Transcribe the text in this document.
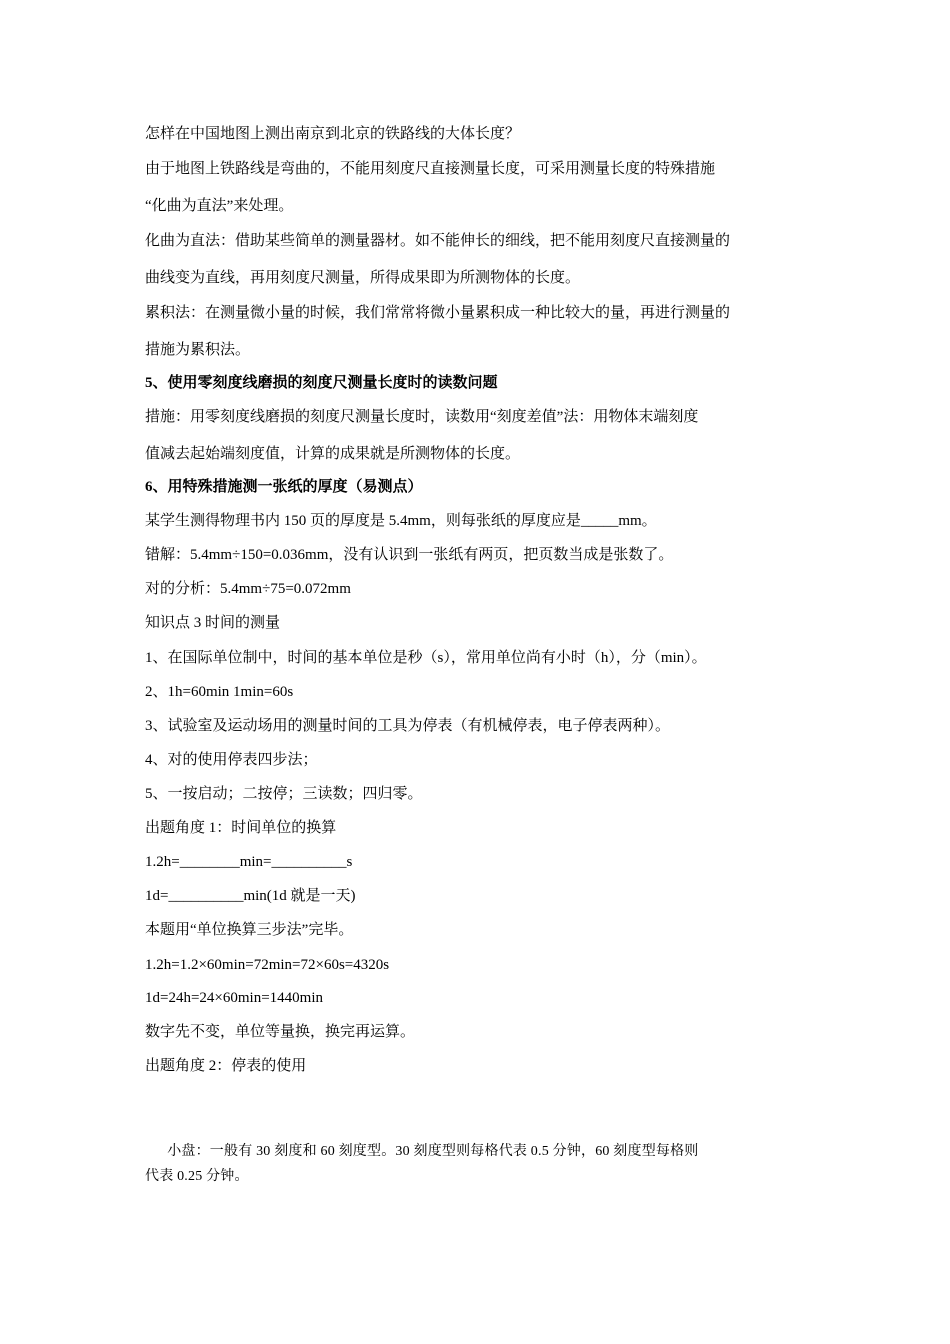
怎样在中国地图上测出南京到北京的铁路线的大体长度？
由于地图上铁路线是弯曲的，不能用刻度尺直接测量长度，可采用测量长度的特殊措施
“化曲为直法”来处理。
化曲为直法：借助某些简单的测量器材。如不能伸长的细线，把不能用刻度尺直接测量的
曲线变为直线，再用刻度尺测量，所得成果即为所测物体的长度。
累积法：在测量微小量的时候，我们常常将微小量累积成一种比较大的量，再进行测量的
措施为累积法。
5、使用零刻度线磨损的刻度尺测量长度时的读数问题
措施：用零刻度线磨损的刻度尺测量长度时，读数用“刻度差值”法：用物体末端刻度
值减去起始端刻度值，计算的成果就是所测物体的长度。
6、用特殊措施测一张纸的厚度（易测点）
某学生测得物理书内 150 页的厚度是 5.4mm，则每张纸的厚度应是_____mm。
错解：5.4mm÷150=0.036mm，没有认识到一张纸有两页，把页数当成是张数了。
对的分析：5.4mm÷75=0.072mm
知识点 3 时间的测量
1、在国际单位制中，时间的基本单位是秒（s），常用单位尚有小时（h），分（min）。
2、1h=60min 1min=60s
3、试验室及运动场用的测量时间的工具为停表（有机械停表，电子停表两种）。
4、对的使用停表四步法；
5、一按启动；二按停；三读数；四归零。
出题角度 1：时间单位的换算
1.2h=________min=__________s
1d=__________min(1d 就是一天)
本题用“单位换算三步法”完毕。
1.2h=1.2×60min=72min=72×60s=4320s
1d=24h=24×60min=1440min
数字先不变，单位等量换，换完再运算。
出题角度 2：停表的使用
小盘：一般有 30 刻度和 60 刻度型。30 刻度型则每格代表 0.5 分钟，60 刻度型每格则
代表 0.25 分钟。
